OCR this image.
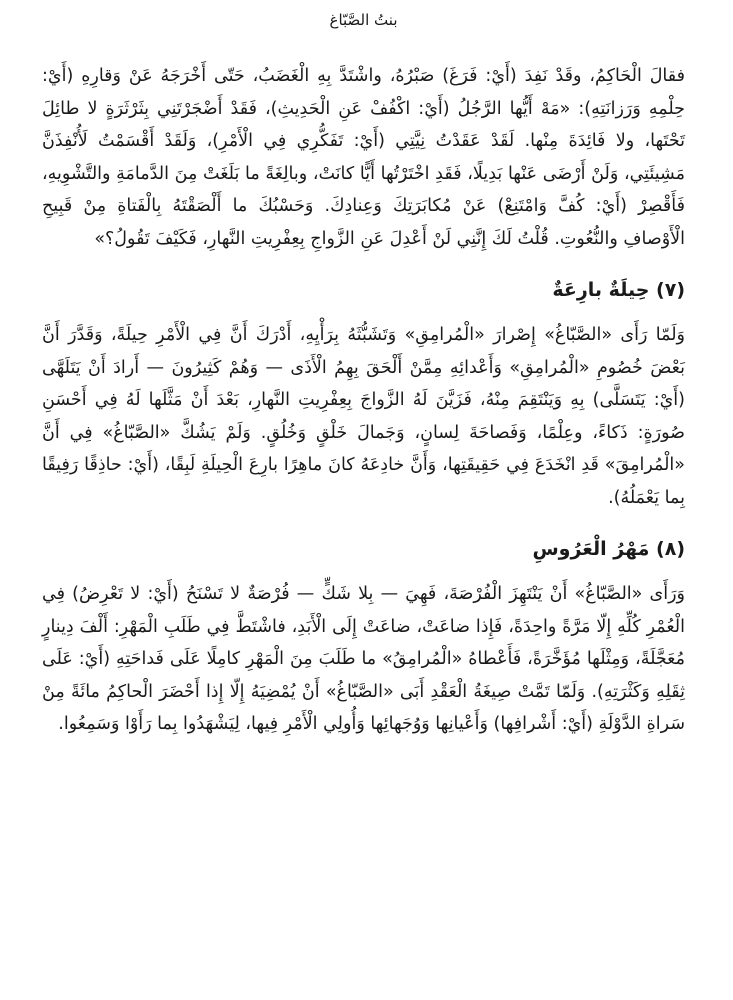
بنتُ الصَّبّاغ

فقالَ الْحَاكِمُ، وقَدْ نَفِدَ (أَيْ: فَرَغَ) صَبْرُهُ، واشْتَدَّ بِهِ الْغَضَبُ، حَتّى أَخْرَجَهُ عَنْ وَقارِهِ (أَيْ: حِلْمِهِ وَرَزانَتِهِ): «مَهْ أَيُّها الرَّجُلُ (أَيْ: اكْفُفْ عَنِ الْحَدِيثِ)، فَقَدْ أَضْجَرْتَنِي بِثَرْثَرَةٍ لا طائِلَ تَحْتَها، ولا فَائِدَةَ مِنْها. لَقَدْ عَقَدْتُ نِيَّتِي (أَيْ: تَفَكُّرِي فِي الْأَمْرِ)، وَلَقَدْ أَقْسَمْتُ لَأُنْفِذَنَّ مَشِيئَتِي، وَلَنْ أَرْضَى عَنْها بَدِيلًا، فَقَدِ اخْتَرْتُها أَيًّا كانَتْ، وبالِغَةً ما بَلَغَتْ مِنَ الدَّمامَةِ والتَّشْوِيهِ، فَأَقْصِرْ (أَيْ: كُفَّ وَامْتَنِعْ) عَنْ مُكابَرَتِكَ وَعِنادِكَ. وَحَسْبُكَ ما أَلْصَقْتَهُ بِالْفَتاةِ مِنْ قَبِيحِ الْأَوْصافِ والنُّعُوتِ. قُلْتُ لَكَ إِنَّنِي لَنْ أَعْدِلَ عَنِ الزَّواجِ بِعِفْرِيتِ النَّهارِ، فَكَيْفَ تَقُولُ؟»

(٧) حِيلَةٌ بارِعَةٌ

وَلَمّا رَأَى «الصَّبّاغُ» إِصْرارَ «الْمُرامِقِ» وَتَشَبُّثَهُ بِرَأْيِهِ، أَدْرَكَ أَنَّ فِي الْأَمْرِ حِيلَةً، وَقَدَّرَ أَنَّ بَعْضَ خُصُومِ «الْمُرامِقِ» وَأَعْدائِهِ مِمَّنْ أَلْحَقَ بِهِمُ الْأَذَى — وَهُمْ كَثِيرُونَ — أَرادَ أَنْ يَتَلَهَّى (أَيْ: يَتَسَلَّى) بِهِ وَيَنْتَقِمَ مِنْهُ، فَزَيَّنَ لَهُ الزَّواجَ بِعِفْرِيتِ النَّهارِ، بَعْدَ أَنْ مَثَّلَها لَهُ فِي أَحْسَنِ صُورَةٍ: ذَكاءً، وعِلْمًا، وَفَصاحَةَ لِسانٍ، وَجَمالَ خَلْقٍ وَخُلُقٍ. وَلَمْ يَشُكَّ «الصَّبّاغُ» فِي أَنَّ «الْمُرامِقَ» قَدِ انْخَدَعَ فِي حَقِيقَتِها، وَأَنَّ خادِعَهُ كانَ ماهِرًا بارِعَ الْحِيلَةِ لَبِقًا، (أَيْ: حاذِقًا رَفِيقًا بِما يَعْمَلُهُ).

(٨) مَهْرُ الْعَرُوسِ

وَرَأَى «الصَّبّاغُ» أَنْ يَنْتَهِزَ الْفُرْصَةَ، فَهِيَ — بِلا شَكٍّ — فُرْصَةٌ لا تَسْنَحُ (أَيْ: لا تَعْرِضُ) فِي الْعُمْرِ كُلِّهِ إِلّا مَرَّةً واحِدَةً، فَإِذا ضاعَتْ، ضاعَتْ إِلَى الْأَبَدِ، فاشْتَطَّ فِي طَلَبِ الْمَهْرِ: أَلْفَ دِينارٍ مُعَجَّلَةً، وَمِثْلَها مُؤَخَّرَةً، فَأَعْطاهُ «الْمُرامِقُ» ما طَلَبَ مِنَ الْمَهْرِ كامِلًا عَلَى فَداحَتِهِ (أَيْ: عَلَى ثِقَلِهِ وَكَثْرَتِهِ). وَلَمّا تَمَّتْ صِيغَةُ الْعَقْدِ أَبَى «الصَّبّاغُ» أَنْ يُمْضِيَهُ إِلّا إِذا أَحْضَرَ الْحاكِمُ مائَةً مِنْ سَراةِ الدَّوْلَةِ (أَيْ: أَشْرافِها) وَأَعْيانِها وَوُجَهائِها وَأُولِي الْأَمْرِ فِيها، لِيَشْهَدُوا بِما رَأَوْا وَسَمِعُوا.
